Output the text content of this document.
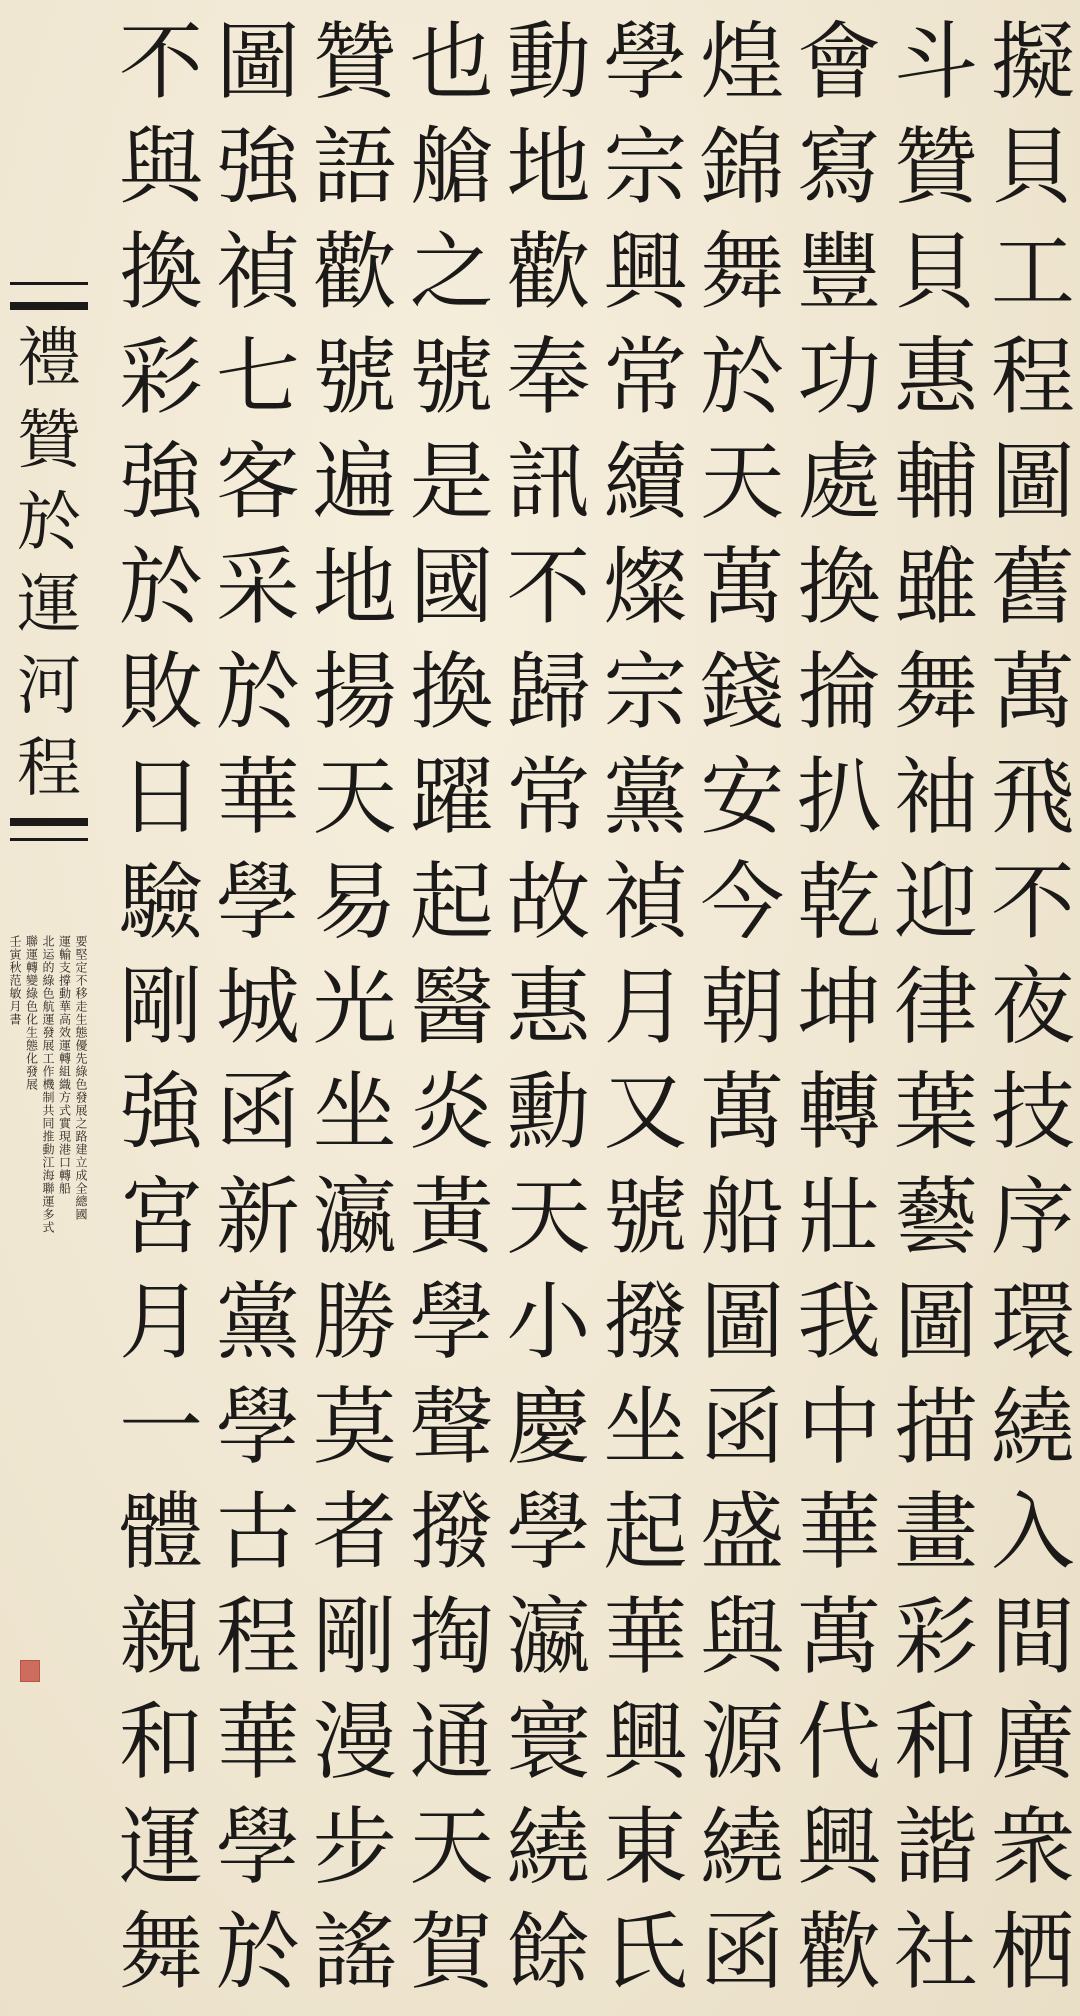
擬
貝
工
程
圖
舊
萬
飛
不
夜
技
序
環
繞
入
間
廣
衆
栖
斗
贊
貝
惠
輔
雖
舞
袖
迎
律
葉
藝
圖
描
畫
彩
和
諧
社
會
寫
豐
功
處
換
掄
扒
乾
坤
轉
壯
我
中
華
萬
代
興
歡
煌
錦
舞
於
天
萬
錢
安
今
朝
萬
船
圖
函
盛
與
源
繞
函
學
宗
興
常
續
燦
宗
黨
禎
月
又
號
撥
坐
起
華
興
東
氏
動
地
歡
奉
訊
不
歸
常
故
惠
勳
天
小
慶
學
瀛
寰
繞
餘
也
艙
之
號
是
國
換
躍
起
醫
炎
黃
學
聲
撥
掏
通
天
賀
贊
語
歡
號
遍
地
揚
天
易
光
坐
瀛
勝
莫
者
剛
漫
步
謠
圖
強
禎
七
客
采
於
華
學
城
函
新
黨
學
古
程
華
學
於
不
與
換
彩
強
於
敗
日
驗
剛
強
宮
月
一
體
親
和
運
舞
禮
贊
於
運
河
程
要堅定不移走生態優先綠色發展之路建立成全總國
運輸支撐動華高效運轉組織方式實現港口轉船
北运的綠色航運發展工作機制共同推動江海聯運多式
聯運轉變綠色化生態化發展
壬寅秋范敏月書
